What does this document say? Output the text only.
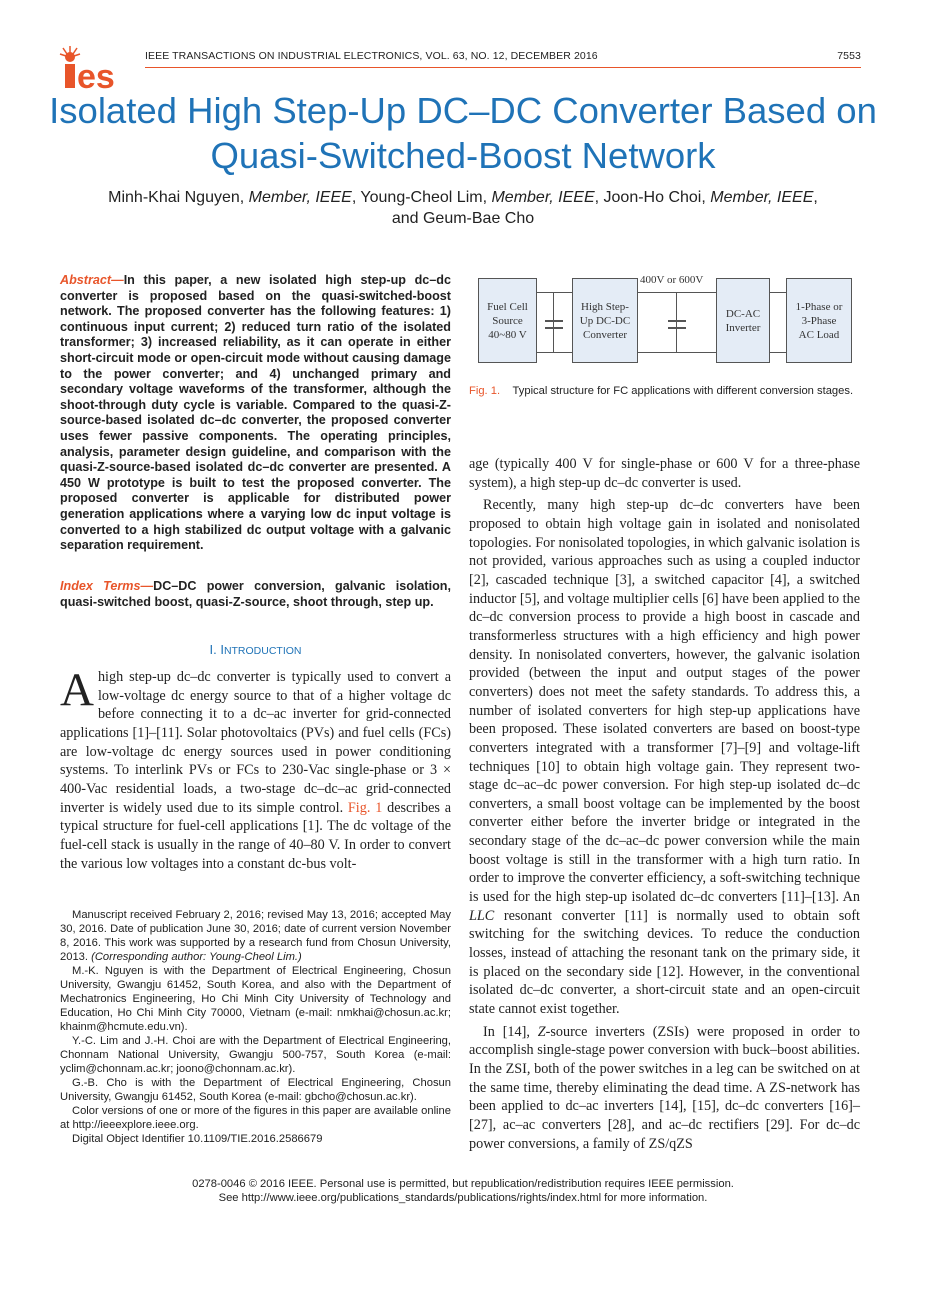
es
IEEE TRANSACTIONS ON INDUSTRIAL ELECTRONICS, VOL. 63, NO. 12, DECEMBER 2016	7553
Isolated High Step-Up DC–DC Converter Based on Quasi-Switched-Boost Network
Minh-Khai Nguyen, Member, IEEE, Young-Cheol Lim, Member, IEEE, Joon-Ho Choi, Member, IEEE,
and Geum-Bae Cho
Abstract—In this paper, a new isolated high step-up dc–dc converter is proposed based on the quasi-switched-boost network. The proposed converter has the following features: 1) continuous input current; 2) reduced turn ratio of the isolated transformer; 3) increased reliability, as it can operate in either short-circuit mode or open-circuit mode without causing damage to the power converter; and 4) unchanged primary and secondary voltage waveforms of the transformer, although the shoot-through duty cycle is variable. Compared to the quasi-Z-source-based isolated dc–dc converter, the proposed converter uses fewer passive components. The operating principles, analysis, parameter design guideline, and comparison with the quasi-Z-source-based isolated dc–dc converter are presented. A 450 W prototype is built to test the proposed converter. The proposed converter is applicable for distributed power generation applications where a varying low dc input voltage is converted to a high stabilized dc output voltage with a galvanic separation requirement.
Index Terms—DC–DC power conversion, galvanic isolation, quasi-switched boost, quasi-Z-source, shoot through, step up.
I. INTRODUCTION
A high step-up dc–dc converter is typically used to convert a low-voltage dc energy source to that of a higher voltage dc before connecting it to a dc–ac inverter for grid-connected applications [1]–[11]. Solar photovoltaics (PVs) and fuel cells (FCs) are low-voltage dc energy sources used in power conditioning systems. To interlink PVs or FCs to 230-Vac single-phase or 3 × 400-Vac residential loads, a two-stage dc–dc–ac grid-connected inverter is widely used due to its simple control. Fig. 1 describes a typical structure for fuel-cell applications [1]. The dc voltage of the fuel-cell stack is usually in the range of 40–80 V. In order to convert the various low voltages into a constant dc-bus volt-

Manuscript received February 2, 2016; revised May 13, 2016; accepted May 30, 2016. Date of publication June 30, 2016; date of current version November 8, 2016. This work was supported by a research fund from Chosun University, 2013. (Corresponding author: Young-Cheol Lim.)

M.-K. Nguyen is with the Department of Electrical Engineering, Chosun University, Gwangju 61452, South Korea, and also with the Department of Mechatronics Engineering, Ho Chi Minh City University of Technology and Education, Ho Chi Minh City 70000, Vietnam (e-mail: nmkhai@chosun.ac.kr; khainm@hcmute.edu.vn).

Y.-C. Lim and J.-H. Choi are with the Department of Electrical Engineering, Chonnam National University, Gwangju 500-757, South Korea (e-mail: yclim@chonnam.ac.kr; joono@chonnam.ac.kr).

G.-B. Cho is with the Department of Electrical Engineering, Chosun University, Gwangju 61452, South Korea (e-mail: gbcho@chosun.ac.kr).

Color versions of one or more of the figures in this paper are available online at http://ieeexplore.ieee.org.

Digital Object Identifier 10.1109/TIE.2016.2586679

Fuel Cell
Source
40~80 V
High Step-
Up DC-DC
Converter
DC-AC
Inverter
1-Phase or
3-Phase
AC Load
400V or 600V
Fig. 1. Typical structure for FC applications with different conversion stages.
age (typically 400 V for single-phase or 600 V for a three-phase system), a high step-up dc–dc converter is used.

Recently, many high step-up dc–dc converters have been proposed to obtain high voltage gain in isolated and nonisolated topologies. For nonisolated topologies, in which galvanic isolation is not provided, various approaches such as using a coupled inductor [2], cascaded technique [3], a switched capacitor [4], a switched inductor [5], and voltage multiplier cells [6] have been applied to the dc–dc conversion process to provide a high boost in cascade and transformerless structures with a high efficiency and high power density. In nonisolated converters, however, the galvanic isolation provided (between the input and output stages of the power converters) does not meet the safety standards. To address this, a number of isolated converters for high step-up applications have been proposed. These isolated converters are based on boost-type converters integrated with a transformer [7]–[9] and voltage-lift techniques [10] to obtain high voltage gain. They represent two-stage dc–ac–dc power conversion. For high step-up isolated dc–dc converters, a small boost voltage can be implemented by the boost converter either before the inverter bridge or integrated in the secondary stage of the dc–ac–dc power conversion while the main boost voltage is still in the transformer with a high turn ratio. In order to improve the converter efficiency, a soft-switching technique is used for the high step-up isolated dc–dc converters [11]–[13]. An LLC resonant converter [11] is normally used to obtain soft switching for the switching devices. To reduce the conduction losses, instead of attaching the resonant tank on the primary side, it is placed on the secondary side [12]. However, in the conventional isolated dc–dc converter, a short-circuit state and an open-circuit state cannot exist together.

In [14], Z-source inverters (ZSIs) were proposed in order to accomplish single-stage power conversion with buck–boost abilities. In the ZSI, both of the power switches in a leg can be switched on at the same time, thereby eliminating the dead time. A ZS-network has been applied to dc–ac inverters [14], [15], dc–dc converters [16]–[27], ac–ac converters [28], and ac–dc rectifiers [29]. For dc–dc power conversions, a family of ZS/qZS

0278-0046 © 2016 IEEE. Personal use is permitted, but republication/redistribution requires IEEE permission.
See http://www.ieee.org/publications_standards/publications/rights/index.html for more information.
